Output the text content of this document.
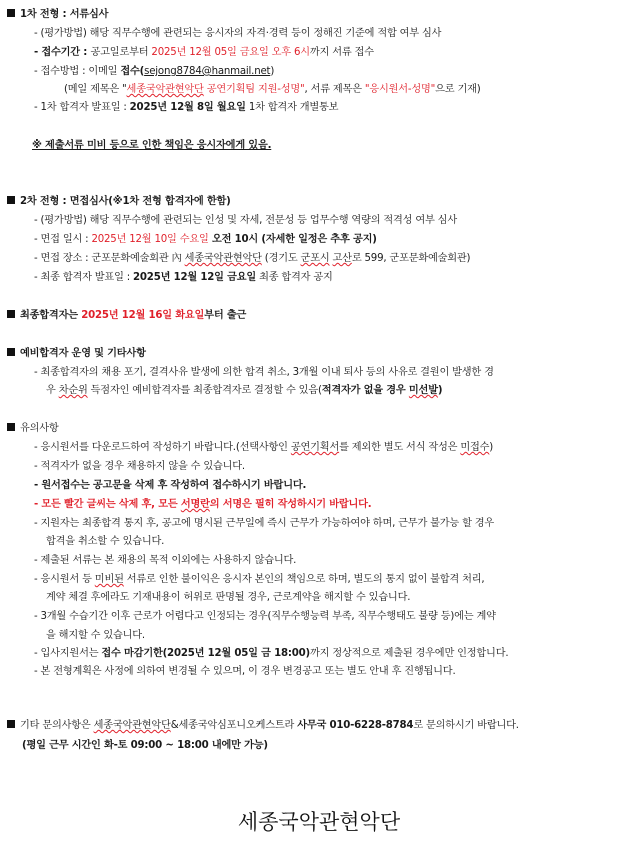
1차 전형 : 서류심사
- (평가방법) 해당 직무수행에 관련되는 응시자의 자격·경력 등이 정해진 기준에 적합 여부 심사
- 접수기간 : 공고일로부터 2025년 12월 05일 금요일 오후 6시까지 서류 접수
- 접수방법 : 이메일 접수(sejong8784@hanmail.net)
(메일 제목은 "세종국악관현악단 공연기획팀 지원-성명", 서류 제목은 "응시원서-성명"으로 기재)
- 1차 합격자 발표일 : 2025년 12월 8일 월요일 1차 합격자 개별통보
※ 제출서류 미비 등으로 인한 책임은 응시자에게 있음.
2차 전형 : 면접심사(※1차 전형 합격자에 한함)
- (평가방법) 해당 직무수행에 관련되는 인성 및 자세, 전문성 등 업무수행 역량의 적격성 여부 심사
- 면접 일시 : 2025년 12월 10일 수요일 오전 10시 (자세한 일정은 추후 공지)
- 면접 장소 : 군포문화예술회관 內 세종국악관현악단 (경기도 군포시 고산로 599, 군포문화예술회관)
- 최종 합격자 발표일 : 2025년 12월 12일 금요일 최종 합격자 공지
최종합격자는 2025년 12월 16일 화요일부터 출근
예비합격자 운영 및 기타사항
- 최종합격자의 채용 포기, 결격사유 발생에 의한 합격 취소, 3개월 이내 퇴사 등의 사유로 결원이 발생한 경
우 차순위 득점자인 예비합격자를 최종합격자로 결정할 수 있음(적격자가 없을 경우 미선발)
유의사항
- 응시원서를 다운로드하여 작성하기 바랍니다.(선택사항인 공연기획서를 제외한 별도 서식 작성은 미접수)
- 적격자가 없을 경우 채용하지 않을 수 있습니다.
- 원서접수는 공고문을 삭제 후 작성하여 접수하시기 바랍니다.
- 모든 빨간 글씨는 삭제 후, 모든 서명란의 서명은 필히 작성하시기 바랍니다.
- 지원자는 최종합격 통지 후, 공고에 명시된 근무일에 즉시 근무가 가능하여야 하며, 근무가 불가능 할 경우
합격을 취소할 수 있습니다.
- 제출된 서류는 본 채용의 목적 이외에는 사용하지 않습니다.
- 응시원서 등 미비된 서류로 인한 불이익은 응시자 본인의 책임으로 하며, 별도의 통지 없이 불합격 처리,
계약 체결 후에라도 기재내용이 허위로 판명될 경우, 근로계약을 해지할 수 있습니다.
- 3개월 수습기간 이후 근로가 어렵다고 인정되는 경우(직무수행능력 부족, 직무수행태도 불량 등)에는 계약
을 해지할 수 있습니다.
- 입사지원서는 접수 마감기한(2025년 12월 05일 금 18:00)까지 정상적으로 제출된 경우에만 인정합니다.
- 본 전형계획은 사정에 의하여 변경될 수 있으며, 이 경우 변경공고 또는 별도 안내 후 진행됩니다.
기타 문의사항은 세종국악관현악단&세종국악심포니오케스트라 사무국 010-6228-8784로 문의하시기 바랍니다.
(평일 근무 시간인 화-토 09:00 ~ 18:00 내에만 가능)
세종국악관현악단
